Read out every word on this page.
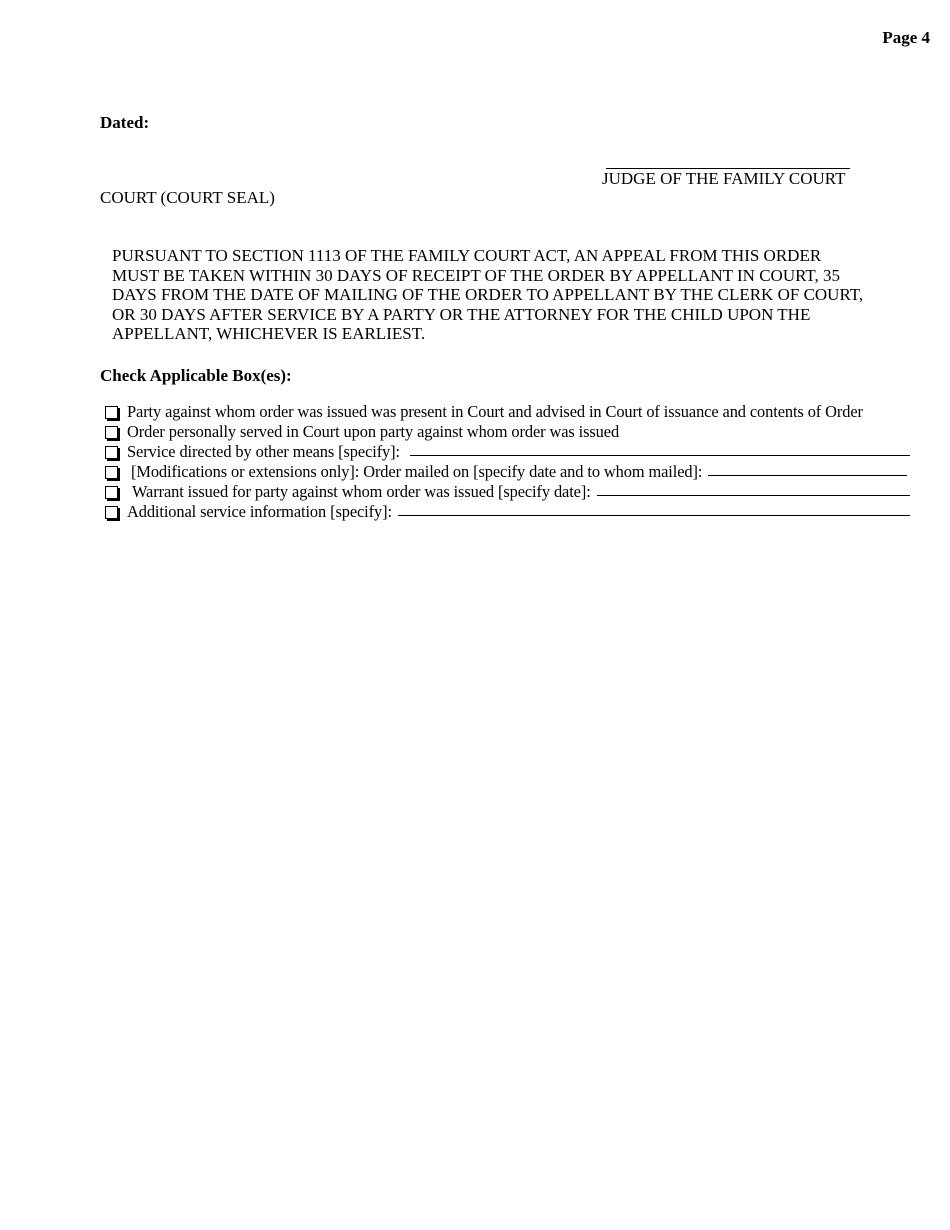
Page 4
Dated:
JUDGE OF THE FAMILY COURT
COURT (COURT SEAL)
PURSUANT TO SECTION 1113 OF THE FAMILY COURT ACT, AN APPEAL FROM THIS ORDER
MUST BE TAKEN WITHIN 30 DAYS OF RECEIPT OF THE ORDER BY APPELLANT IN COURT, 35
DAYS FROM THE DATE OF MAILING OF THE ORDER TO APPELLANT BY THE CLERK OF COURT,
OR 30 DAYS AFTER SERVICE BY A PARTY OR THE ATTORNEY FOR THE CHILD UPON THE
APPELLANT, WHICHEVER IS EARLIEST.
Check Applicable Box(es):
Party against whom order was issued was present in Court and advised in Court of issuance and contents of Order
Order personally served in Court upon party against whom order was issued
Service directed by other means [specify]:
[Modifications or extensions only]: Order mailed on [specify date and to whom mailed]:
Warrant issued for party against whom order was issued [specify date]:
Additional service information [specify]:
